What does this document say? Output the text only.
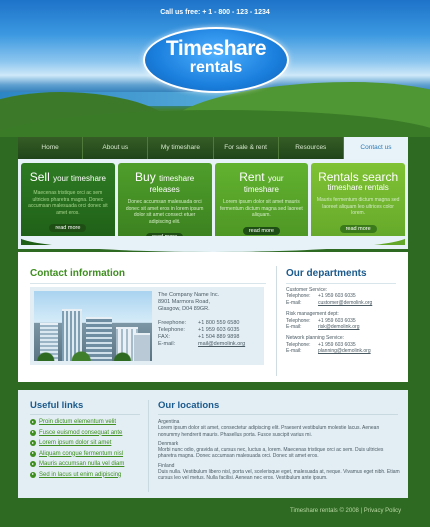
Call us free: + 1 - 800 - 123 - 1234
Timeshare
rentals
Home	About us	My timeshare	For sale & rent	Resources	Contact us
Sell your timeshare
Maecenas tristique orci ac sem ultricies pharetra magna. Donec accumsan malesuada orci donec sit amet eros.
read more
Buy timeshare
releases
Donec accumsan malesuada orci donec sit amet eros in lorem ipsum dolor sit amet consect etuer adipiscing elit.
Rent your
timeshare
Lorem ipsum dolor sit amet mauris fermentum dictum magna sed laoreet aliquam.
read more
Rentals search
timeshare rentals
Mauris fermentum dictum magna sed laoreet aliquam leo ultrices color lorem.
read more
Contact information	Our departments
The Company Name Inc.
8901 Marmora Road,
Glasgow, D04 89GR.
Freephone:	+1 800 559 6580
Telephone:	+1 959 603 6035
FAX:	+1 504 889 9898
E-mail:	mail@demolink.org
Customer Service:
Telephone:	+1 959 603 6035
E-mail:	customer@demolink.org
Risk management dept:
Telephone:	+1 959 603 6035
E-mail:	risk@demolink.org
Network planning Service:
Telephone:	+1 959 603 6035
E-mail:	planning@demolink.org
Useful links
Proin dictum elementum velit
Fusce euismod consequat ante
Lorem ipsum dolor sit amet
Aliquam congue fermentum nisl
Mauris accumsan nulla vel diam
Sed in lacus ut enim adipiscing
Our locations
Argentina
Lorem ipsum dolor sit amet, consectetur adipiscing elit. Praesent vestibulum molestie lacus. Aenean nonummy hendrerit mauris. Phasellus porta. Fusce suscipit varius mi.
Denmark
Morbi nunc odio, gravida at, cursus nec, luctus a, lorem. Maecenas tristique orci ac sem. Duis ultricies pharetra magna. Donec accumsan malesuada orci. Donec sit amet eros.
Finland
Duis nulla. Vestibulum libero nisl, porta vel, scelerisque eget, malesuada at, neque. Vivamus eget nibh. Etiam cursus leo vel metus. Nulla facilisi. Aenean nec eros. Vestibulum ante ipsum.
Timeshare rentals © 2008 | Privacy Policy
